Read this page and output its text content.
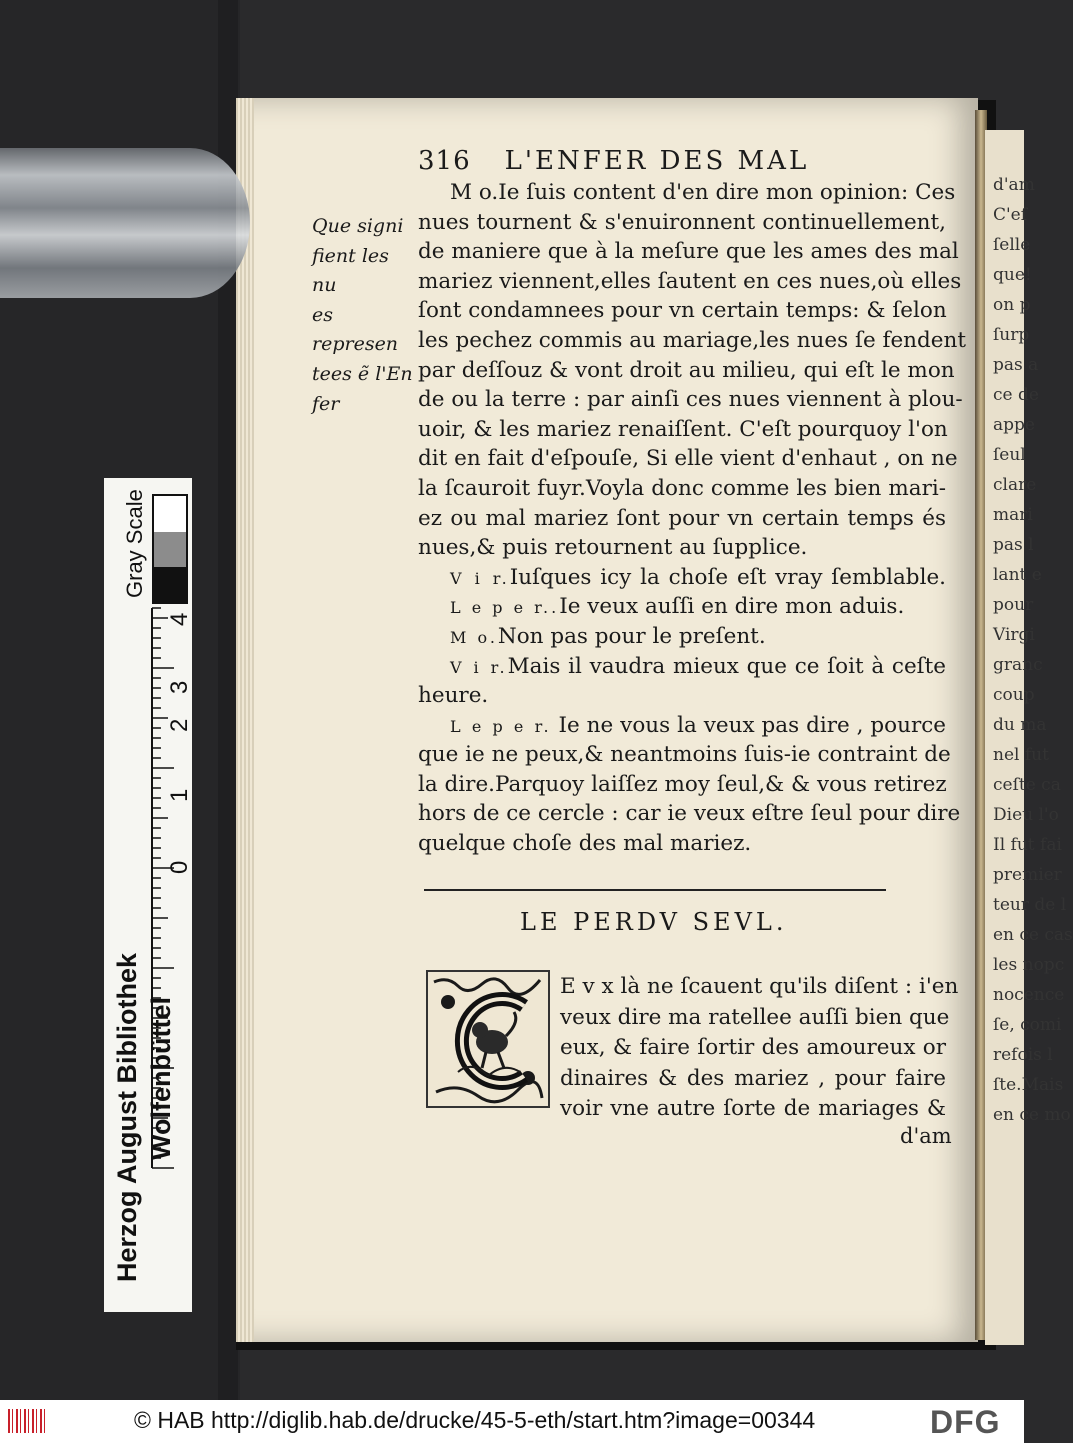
d'am
C'eſ
ſelle
que!
on p
ſurp
pas a
ce de
appe
ſeul
clare
mari
pas l
lant e
pour
Virgi
granc
coup
du ma
nel fut
ceſte ca
Dieu l'o
Il fut fai
premier
teur de l
en ce cas
les nopc
nocence
ſe, comi
refois l
ſte.Mais
en ce mo
316 L'ENFER DES MAL
Que signi
fient les nu
es represen
tees ẽ l'En
fer
M o.Ie ſuis content d'en dire mon opinion: Ces
nues tournent & s'enuironnent continuellement,
de maniere que à la meſure que les ames des mal
mariez viennent,elles ſautent en ces nues,où elles
ſont condamnees pour vn certain temps: & ſelon
les pechez commis au mariage,les nues ſe fendent
par deſſouz & vont droit au milieu, qui eſt le mon
de ou la terre : par ainſi ces nues viennent à plou-
uoir, & les mariez renaiſſent. C'eſt pourquoy l'on
dit en fait d'eſpouſe, Si elle vient d'enhaut , on ne
la ſcauroit fuyr.Voyla donc comme les bien mari-
ez ou mal mariez ſont pour vn certain temps és
nues,& puis retournent au ſupplice.
V i r.Iuſques icy la choſe eſt vray ſemblable.
L e p e r..Ie veux auſſi en dire mon aduis.
M o.Non pas pour le preſent.
V i r.Mais il vaudra mieux que ce ſoit à ceſte
heure.
L e p e r. Ie ne vous la veux pas dire , pource
que ie ne peux,& neantmoins ſuis-ie contraint de
la dire.Parquoy laiſſez moy ſeul,& & vous retirez
hors de ce cercle : car ie veux eſtre ſeul pour dire
quelque choſe des mal mariez.
LE PERDV SEVL.
E v x là ne ſcauent qu'ils diſent : i'en
veux dire ma ratellee auſſi bien que
eux, & faire ſortir des amoureux or
dinaires & des mariez , pour faire
voir vne autre ſorte de mariages &
d'am
Gray Scale
Herzog August Bibliothek Wolfenbüttel
0
1
2
3
4
© HAB http://diglib.hab.de/drucke/45-5-eth/start.htm?image=00344	DFG
